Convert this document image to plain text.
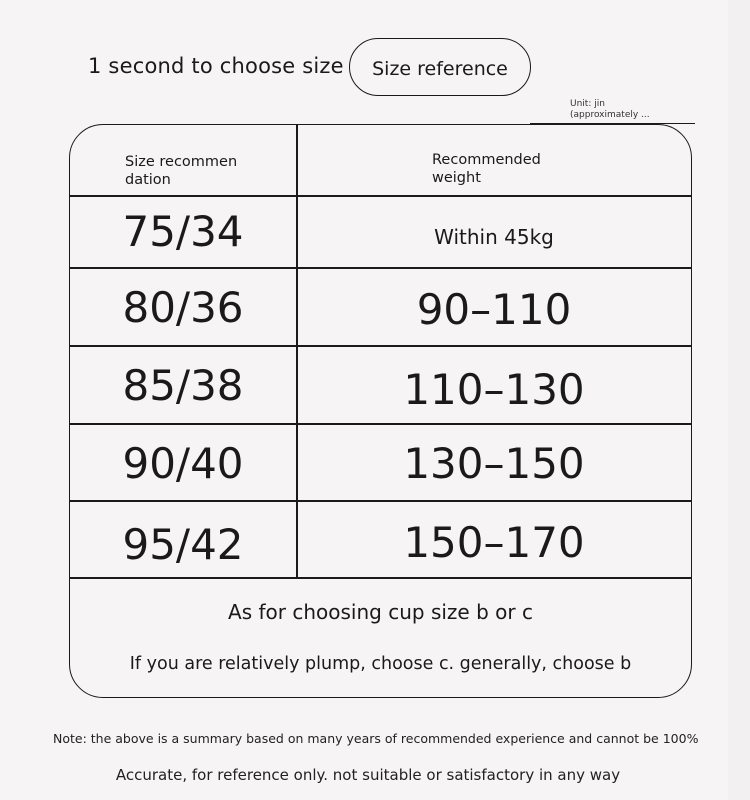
1 second to choose size Size reference
Unit: jin (approximately ...
Size recommen dation
Recommended weight
75/34	Within 45kg
80/36	90–110
85/38	110–130
90/40	130–150
95/42	150–170
As for choosing cup size b or c
If you are relatively plump, choose c. generally, choose b
Note: the above is a summary based on many years of recommended experience and cannot be 100%
Accurate, for reference only. not suitable or satisfactory in any way
